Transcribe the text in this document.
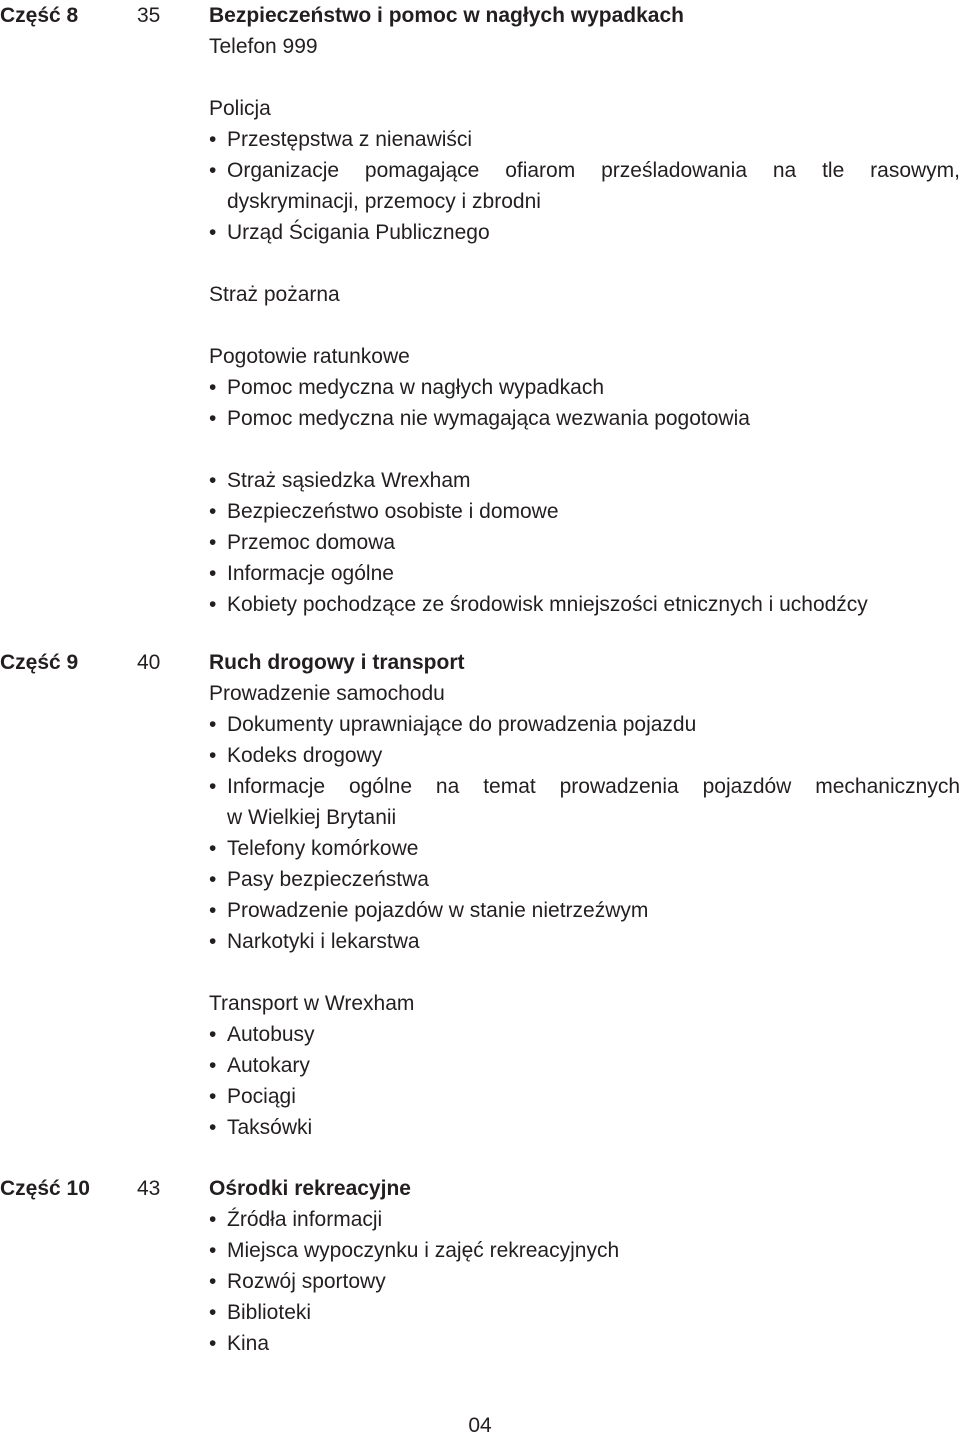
Część 8	35 Bezpieczeństwo i pomoc w nagłych wypadkach
Telefon 999
Policja
• Przestępstwa z nienawiści
• Organizacje pomagające ofiarom prześladowania na tle rasowym,
dyskryminacji, przemocy i zbrodni
• Urząd Ścigania Publicznego
Straż pożarna
Pogotowie ratunkowe
• Pomoc medyczna w nagłych wypadkach
• Pomoc medyczna nie wymagająca wezwania pogotowia
• Straż sąsiedzka Wrexham
• Bezpieczeństwo osobiste i domowe
• Przemoc domowa
• Informacje ogólne
• Kobiety pochodzące ze środowisk mniejszości etnicznych i uchodźcy
Część 9	40 Ruch drogowy i transport
Prowadzenie samochodu
• Dokumenty uprawniające do prowadzenia pojazdu
• Kodeks drogowy
• Informacje ogólne na temat prowadzenia pojazdów mechanicznych
w Wielkiej Brytanii
• Telefony komórkowe
• Pasy bezpieczeństwa
• Prowadzenie pojazdów w stanie nietrzeźwym
• Narkotyki i lekarstwa
Transport w Wrexham
• Autobusy
• Autokary
• Pociągi
• Taksówki
Część 10 43 Ośrodki rekreacyjne
• Źródła informacji
• Miejsca wypoczynku i zajęć rekreacyjnych
• Rozwój sportowy
• Biblioteki
• Kina
04
